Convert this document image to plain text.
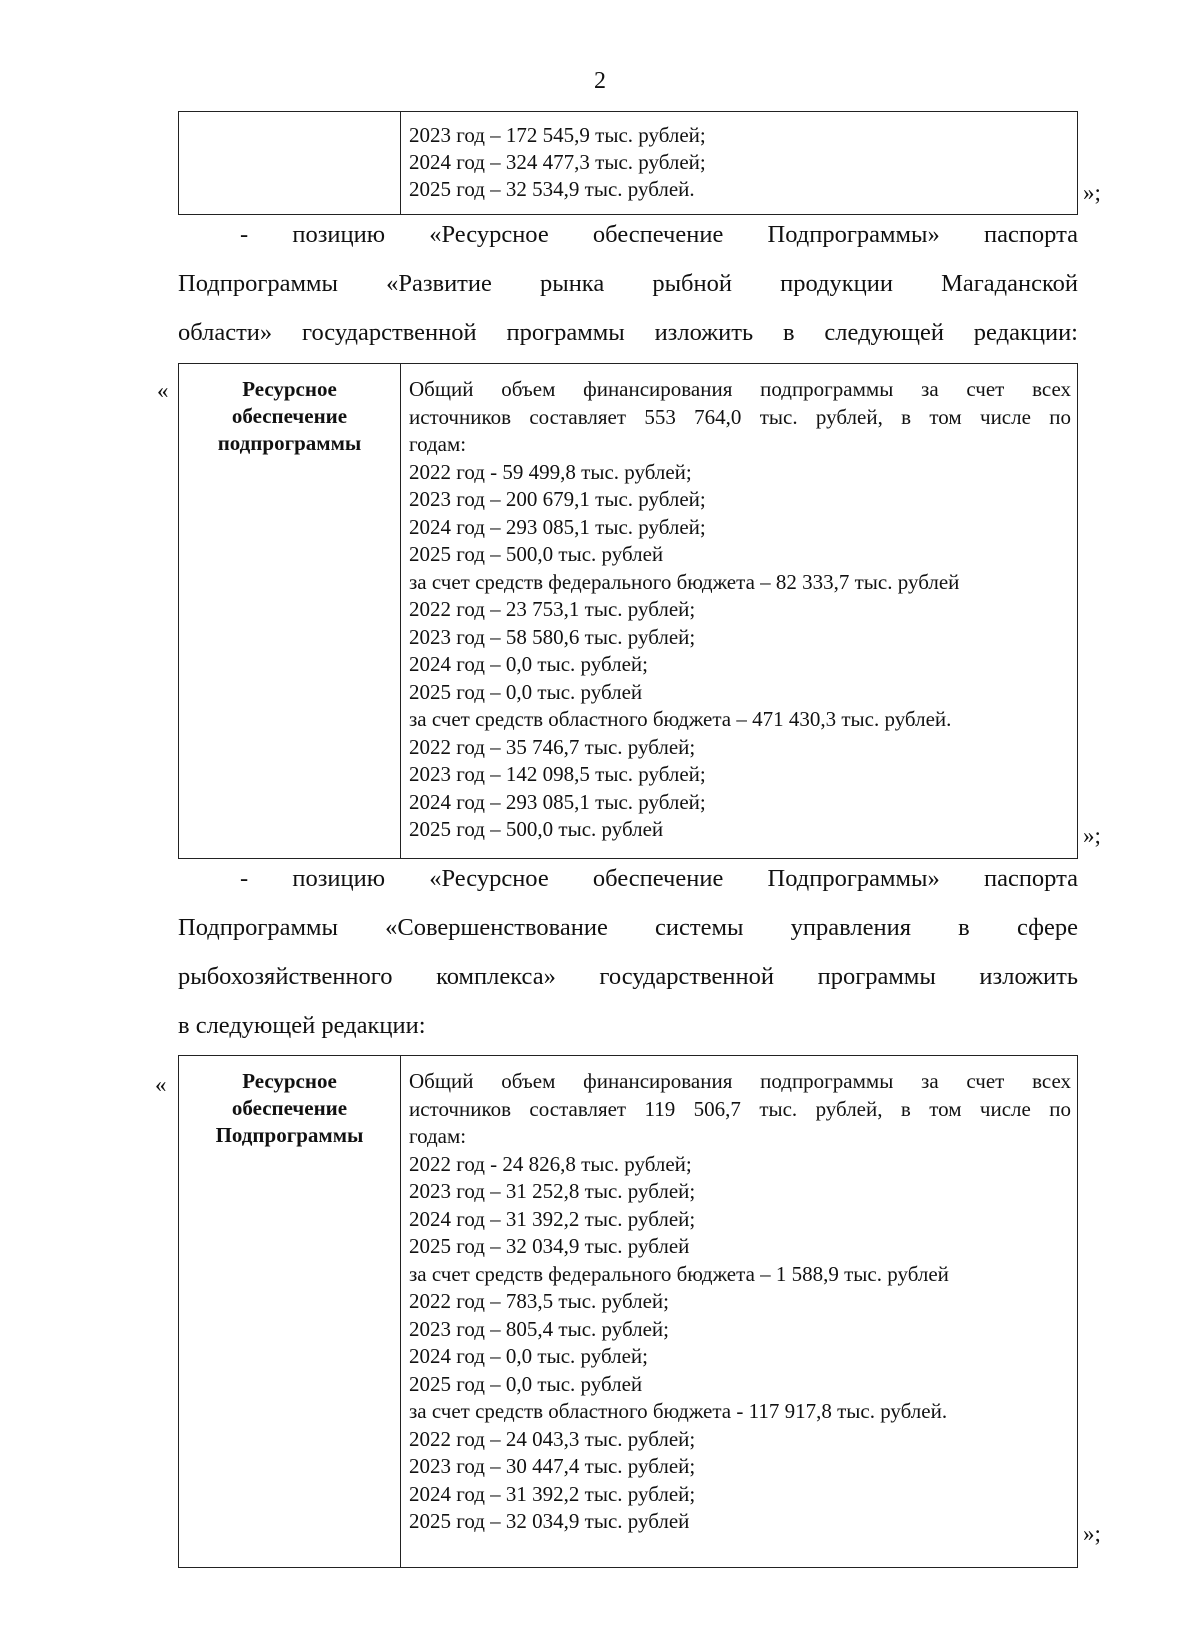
2

2023 год – 172 545,9 тыс. рублей;
2024 год – 324 477,3 тыс. рублей;
2025 год – 32 534,9 тыс. рублей.	»;
- позицию «Ресурсное обеспечение Подпрограммы» паспорта
Подпрограммы «Развитие рынка рыбной продукции Магаданской
области» государственной программы изложить в следующей редакции:
«	Ресурсное
обеспечение
подпрограммы

Общий объем финансирования подпрограммы за счет всех
источников составляет 553 764,0 тыс. рублей, в том числе по
годам:
2022 год - 59 499,8 тыс. рублей;
2023 год – 200 679,1 тыс. рублей;
2024 год – 293 085,1 тыс. рублей;
2025 год – 500,0 тыс. рублей
за счет средств федерального бюджета – 82 333,7 тыс. рублей
2022 год – 23 753,1 тыс. рублей;
2023 год – 58 580,6 тыс. рублей;
2024 год – 0,0 тыс. рублей;
2025 год – 0,0 тыс. рублей
за счет средств областного бюджета – 471 430,3 тыс. рублей.
2022 год – 35 746,7 тыс. рублей;
2023 год – 142 098,5 тыс. рублей;
2024 год – 293 085,1 тыс. рублей;
2025 год – 500,0 тыс. рублей	»;
- позицию «Ресурсное обеспечение Подпрограммы» паспорта
Подпрограммы «Совершенствование системы управления в сфере
рыбохозяйственного комплекса» государственной программы изложить
в следующей редакции:
«	Ресурсное
обеспечение
Подпрограммы

Общий объем финансирования подпрограммы за счет всех
источников составляет 119 506,7 тыс. рублей, в том числе по
годам:
2022 год - 24 826,8 тыс. рублей;
2023 год – 31 252,8 тыс. рублей;
2024 год – 31 392,2 тыс. рублей;
2025 год – 32 034,9 тыс. рублей
за счет средств федерального бюджета – 1 588,9 тыс. рублей
2022 год – 783,5 тыс. рублей;
2023 год – 805,4 тыс. рублей;
2024 год – 0,0 тыс. рублей;
2025 год – 0,0 тыс. рублей
за счет средств областного бюджета - 117 917,8 тыс. рублей.
2022 год – 24 043,3 тыс. рублей;
2023 год – 30 447,4 тыс. рублей;
2024 год – 31 392,2 тыс. рублей;
2025 год – 32 034,9 тыс. рублей	»;
